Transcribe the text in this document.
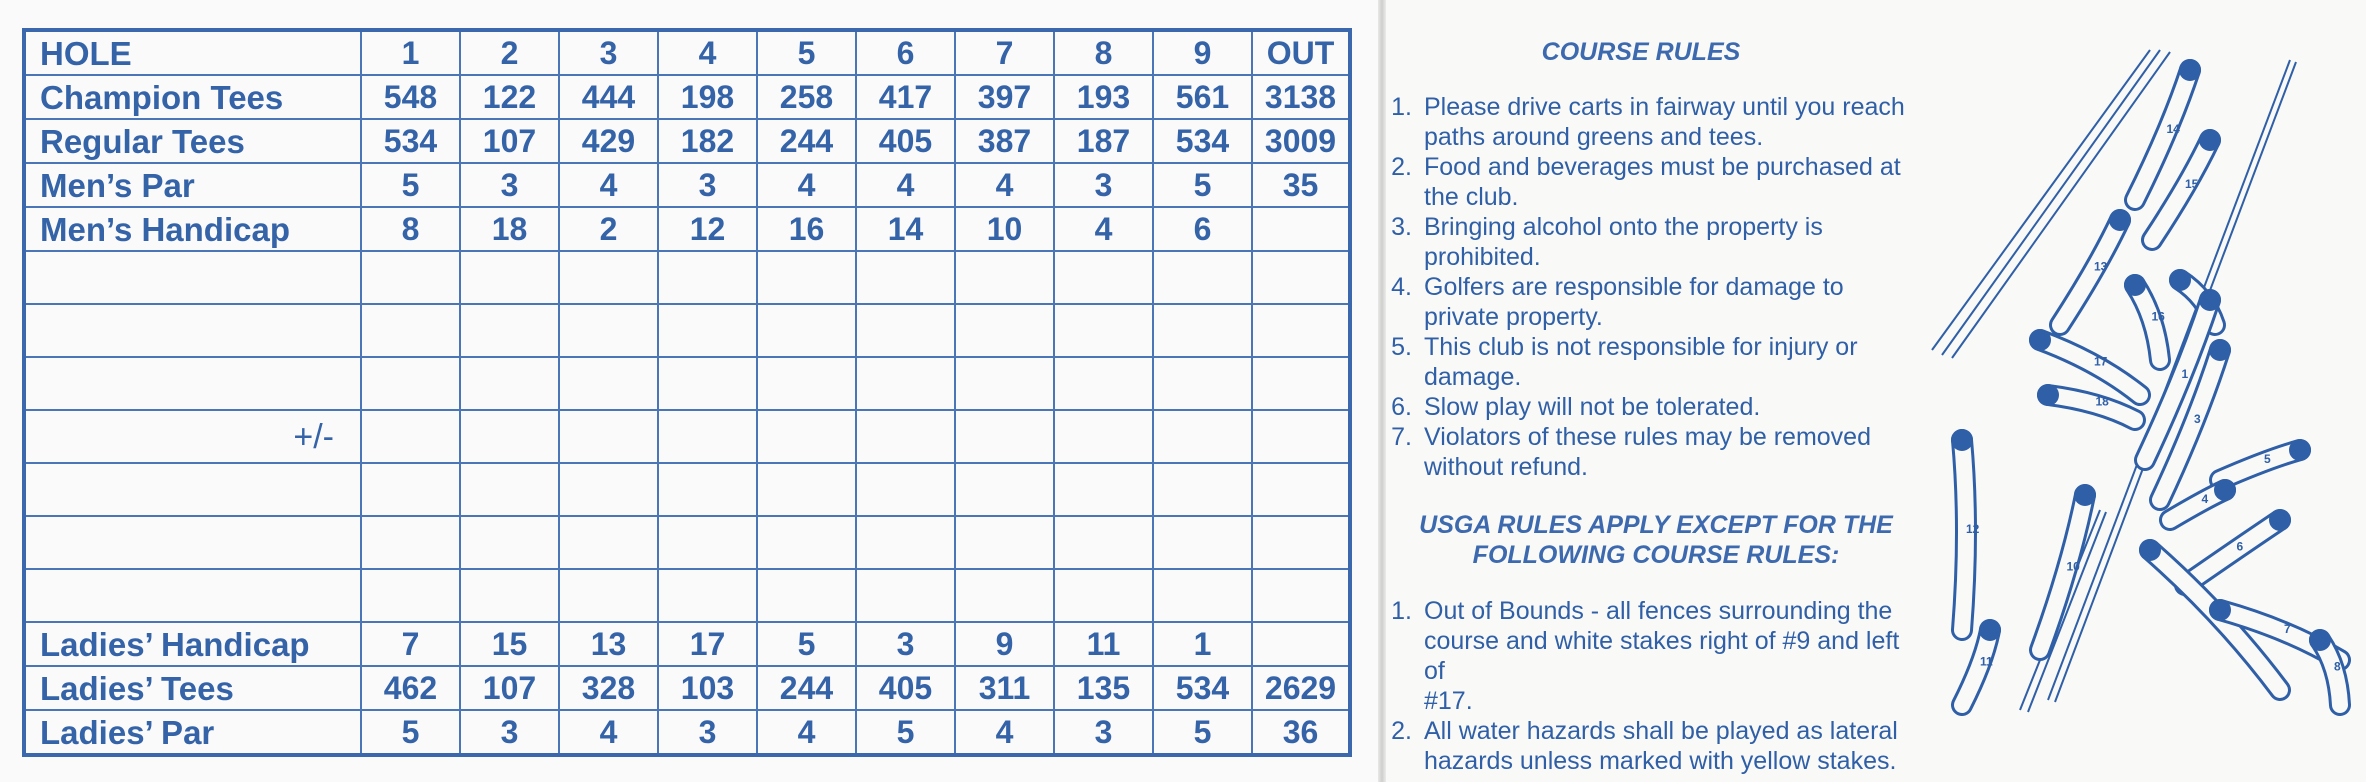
HOLE	1	2	3	4	5	6	7	8	9	OUT
Champion Tees	548	122	444	198	258	417	397	193	561	3138
Regular Tees	534	107	429	182	244	405	387	187	534	3009
Men’s Par	5	3	4	3	4	4	4	3	5	35
Men’s Handicap	8	18	2	12	16	14	10	4	6	

+/-										

Ladies’ Handicap	7	15	13	17	5	3	9	11	1	
Ladies’ Tees	462	107	328	103	244	405	311	135	534	2629
Ladies’ Par	5	3	4	3	4	5	4	3	5	36
COURSE RULES
1. Please drive carts in fairway until you reach
paths around greens and tees.
2. Food and beverages must be purchased at
the club.
3. Bringing alcohol onto the property is
prohibited.
4. Golfers are responsible for damage to
private property.
5. This club is not responsible for injury or
damage.
6. Slow play will not be tolerated.
7. Violators of these rules may be removed
without refund.
USGA RULES APPLY EXCEPT FOR THE
FOLLOWING COURSE RULES:
1. Out of Bounds - all fences surrounding the
course and white stakes right of #9 and left of
#17.
2. All water hazards shall be played as lateral
hazards unless marked with yellow stakes.
14
15
13
16
2
17
18
1
3
5
4
12
10
6
9
7
8
11
